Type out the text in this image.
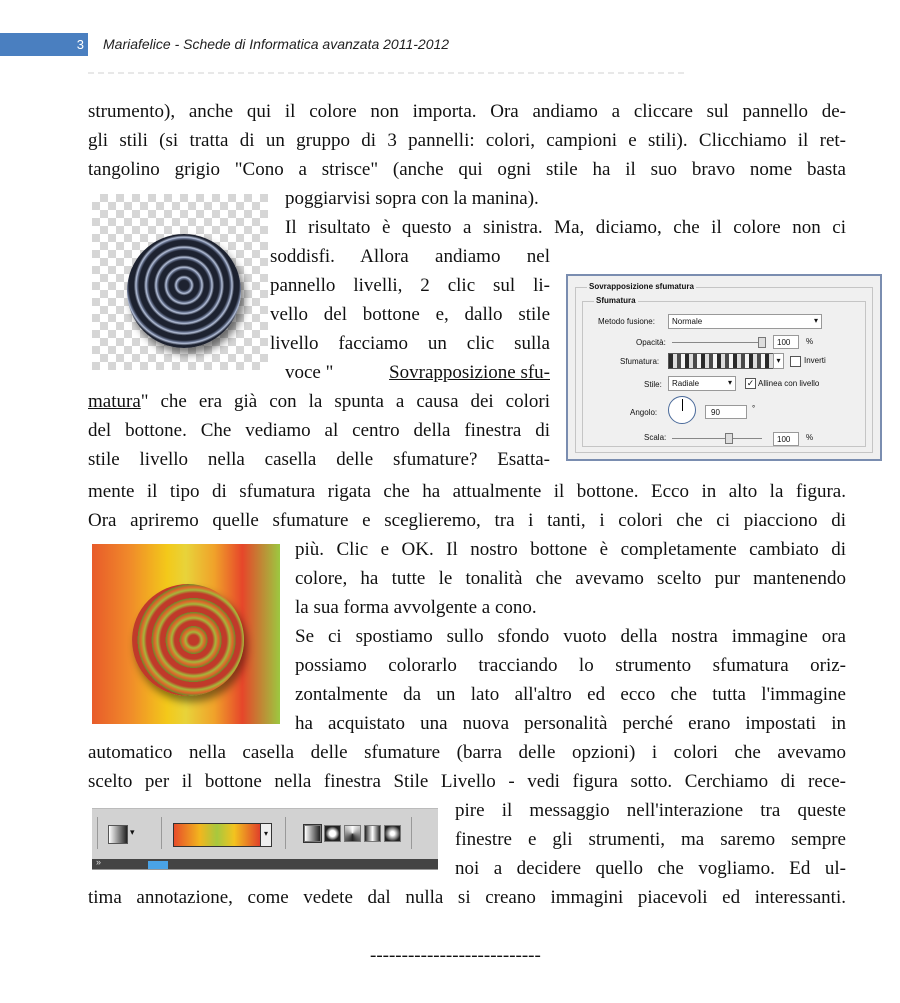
3 Mariafelice - Schede di Informatica avanzata 2011-2012
strumento), anche qui il colore non importa. Ora andiamo a cliccare sul pannello de-
gli stili (si tratta di un gruppo di 3 pannelli: colori, campioni e stili). Clicchiamo il ret-
tangolino grigio "Cono a strisce" (anche qui ogni stile ha il suo bravo nome basta
poggiarvisi sopra con la manina).
Il risultato è questo a sinistra. Ma, diciamo, che il colore non ci
soddisfi. Allora andiamo nel
pannello livelli, 2 clic sul li-
vello del bottone e, dallo stile
livello facciamo un clic sulla
voce "	Sovrapposizione sfu-
matura " che era già con la spunta a causa dei colori
del bottone. Che vediamo al centro della finestra di
stile livello nella casella delle sfumature? Esatta-
mente il tipo di sfumatura rigata che ha attualmente il bottone. Ecco in alto la figura.
Ora apriremo quelle sfumature e sceglieremo, tra i tanti, i colori che ci piacciono di
più. Clic e OK. Il nostro bottone è completamente cambiato di
colore, ha tutte le tonalità che avevamo scelto pur mantenendo
la sua forma avvolgente a cono.
Se ci spostiamo sullo sfondo vuoto della nostra immagine ora
possiamo colorarlo tracciando lo strumento sfumatura oriz-
zontalmente da un lato all'altro ed ecco che tutta l'immagine
ha acquistato una nuova personalità perché erano impostati in
automatico nella casella delle sfumature (barra delle opzioni) i colori che avevamo
scelto per il bottone nella finestra Stile Livello - vedi figura sotto. Cerchiamo di rece-
pire il messaggio nell'interazione tra queste
finestre e gli strumenti, ma saremo sempre
noi a decidere quello che vogliamo. Ed ul-
tima annotazione, come vedete dal nulla si creano immagini piacevoli ed interessanti.
Sovrapposizione sfumatura
Sfumatura
Metodo fusione: Normale	▾
Opacità:	100 %
Sfumatura:	▾	Inverti
Stile: Radiale	▾ ✓ Allinea con livello
Angolo:	90	°
Scala:	100 %
▾	▾
»
---------------------------
